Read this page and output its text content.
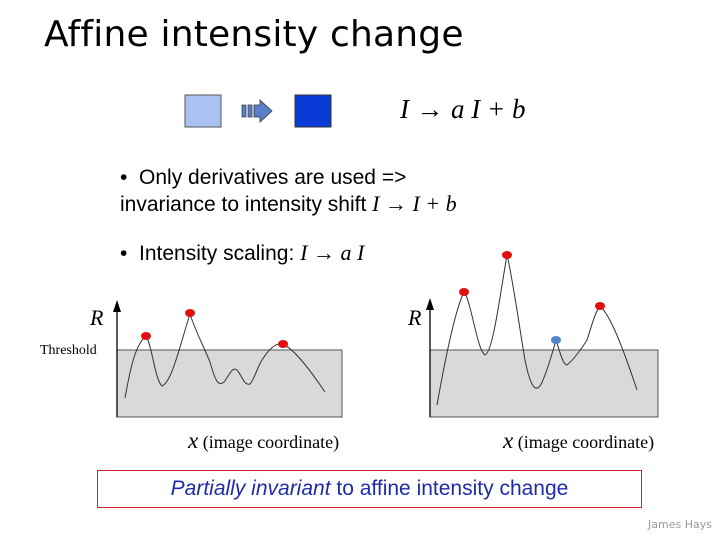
Affine intensity change
I → a I + b
•  Only derivatives are used =>
invariance to intensity shift I → I + b
•  Intensity scaling: I → a I
R
Threshold
x (image coordinate)
R
x (image coordinate)
Partially invariant to affine intensity change
James Hays
